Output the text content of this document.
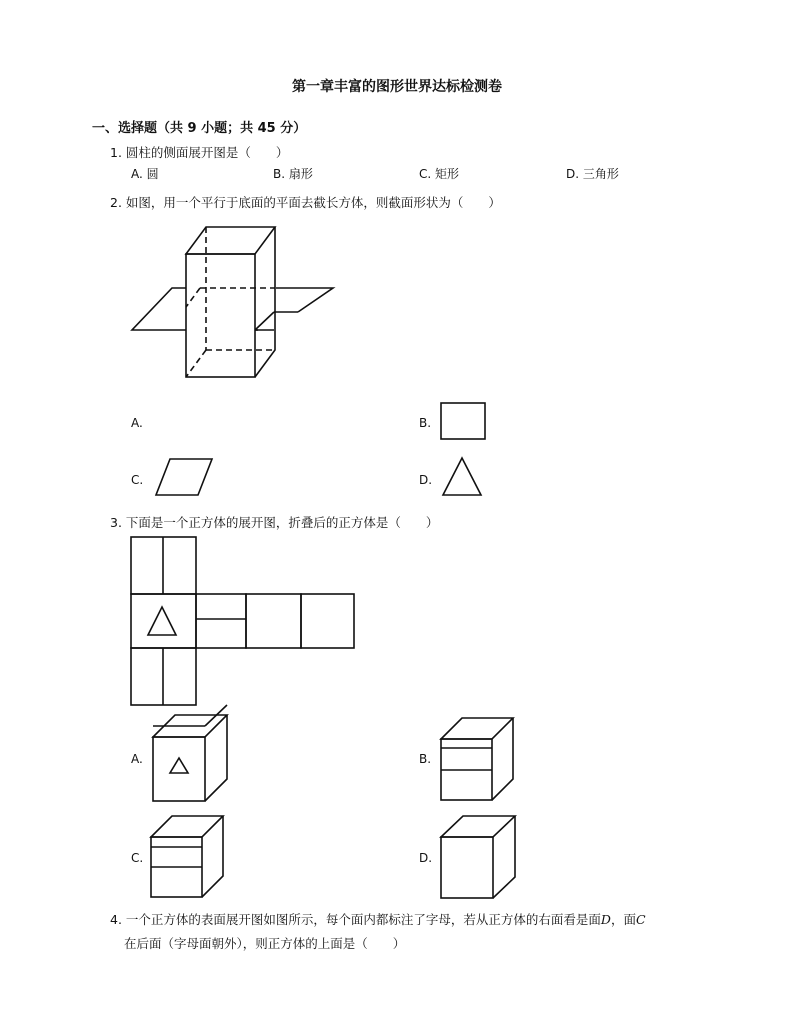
第一章丰富的图形世界达标检测卷
一、选择题（共 9 小题；共 45 分）
1. 圆柱的侧面展开图是（　　）
A. 圆	B. 扇形	C. 矩形	D. 三角形
2. 如图，用一个平行于底面的平面去截长方体，则截面形状为（　　）
A.	B.
C.	D.
3. 下面是一个正方体的展开图，折叠后的正方体是（　　）
A.	B.
C.	D.
4. 一个正方体的表面展开图如图所示，每个面内都标注了字母，若从正方体的右面看是面D，面C
在后面（字母面朝外），则正方体的上面是（　　）
